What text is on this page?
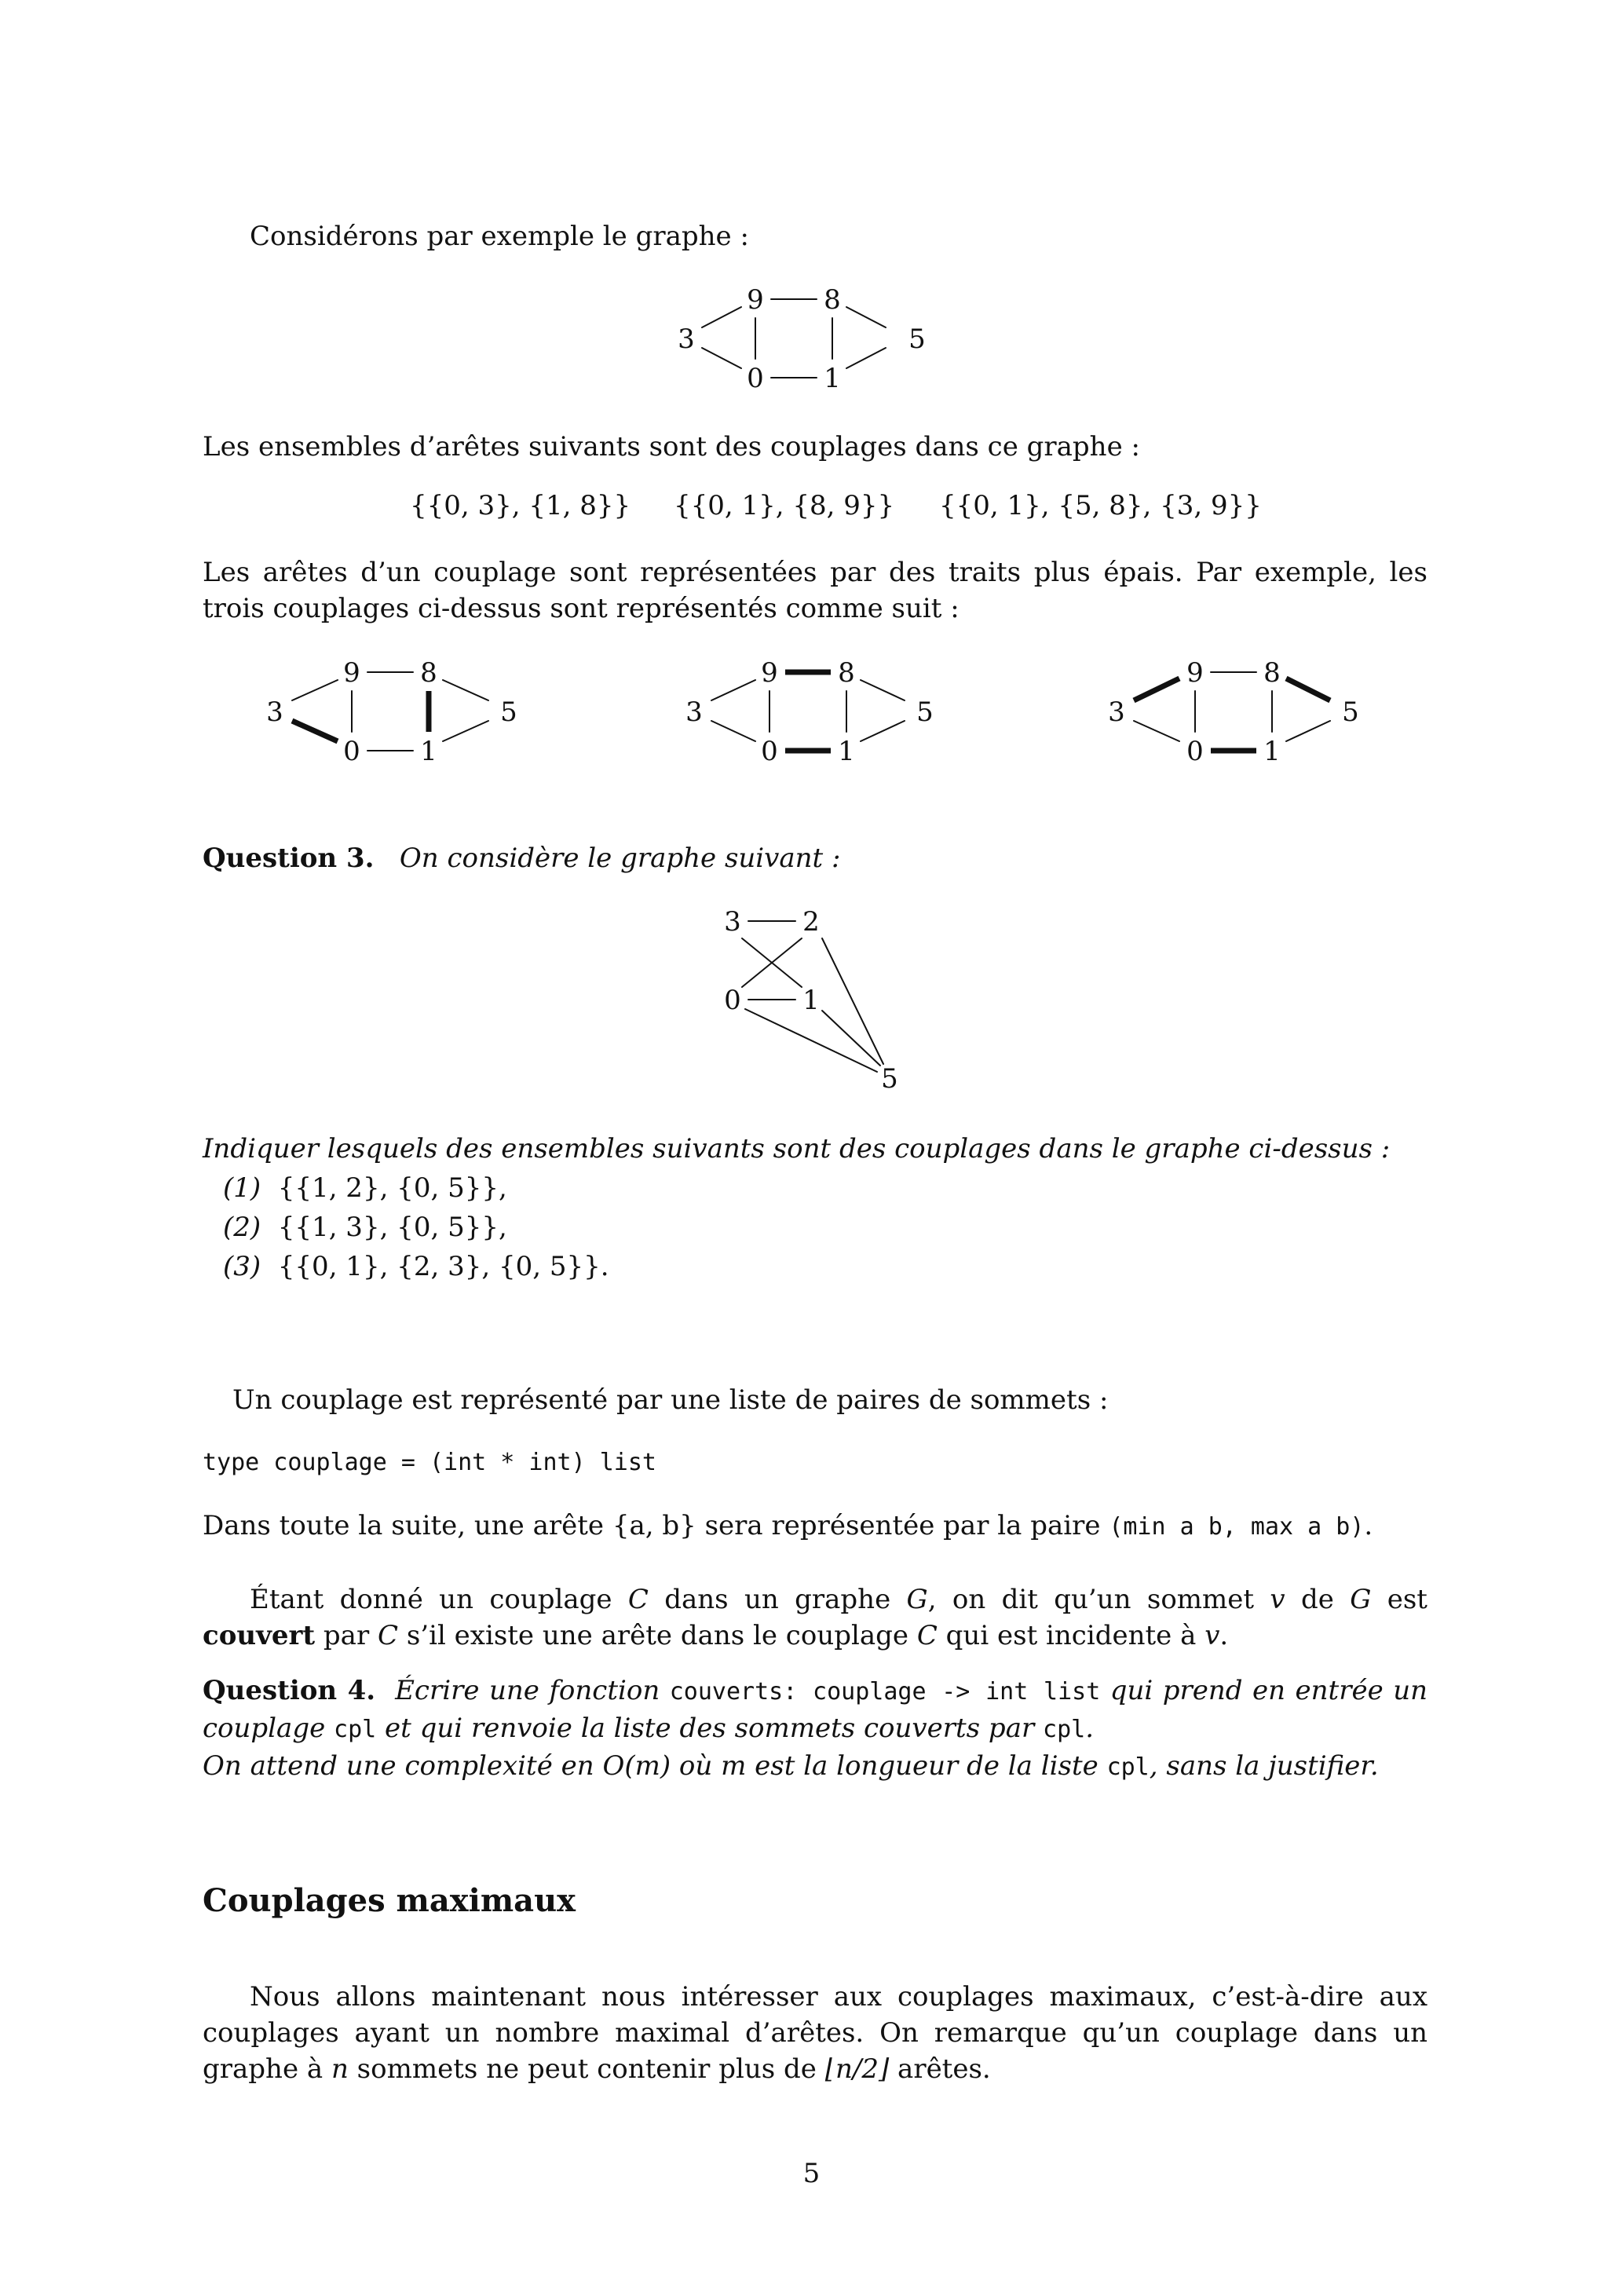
Considérons par exemple le graphe :

9 8
3	5
0 1

Les ensembles d’arêtes suivants sont des couplages dans ce graphe :

{{0, 3}, {1, 8}} {{0, 1}, {8, 9}} {{0, 1}, {5, 8}, {3, 9}}

Les arêtes d’un couplage sont représentées par des traits plus épais. Par exemple, les trois couplages ci-dessus sont représentés comme suit :

9 8
3	5
0 1
9 8
3	5
0 1
9 8
3	5
0 1

Question 3. On considère le graphe suivant :

3 2
0 1
5

Indiquer lesquels des ensembles suivants sont des couplages dans le graphe ci-dessus :

(1) {{1, 2}, {0, 5}},
(2) {{1, 3}, {0, 5}},
(3) {{0, 1}, {2, 3}, {0, 5}}.

Un couplage est représenté par une liste de paires de sommets :

type couplage = (int * int) list

Dans toute la suite, une arête {a, b} sera représentée par la paire (min a b, max a b).

Étant donné un couplage C dans un graphe G, on dit qu’un sommet v de G est couvert par C s’il existe une arête dans le couplage C qui est incidente à v.

Question 4. Écrire une fonction couverts: couplage -> int list qui prend en entrée un couplage cpl et qui renvoie la liste des sommets couverts par cpl.
On attend une complexité en O(m) où m est la longueur de la liste cpl, sans la justifier.
Couplages maximaux

Nous allons maintenant nous intéresser aux couplages maximaux, c’est-à-dire aux couplages ayant un nombre maximal d’arêtes. On remarque qu’un couplage dans un graphe à n sommets ne peut contenir plus de ⌊n/2⌋ arêtes.

5
